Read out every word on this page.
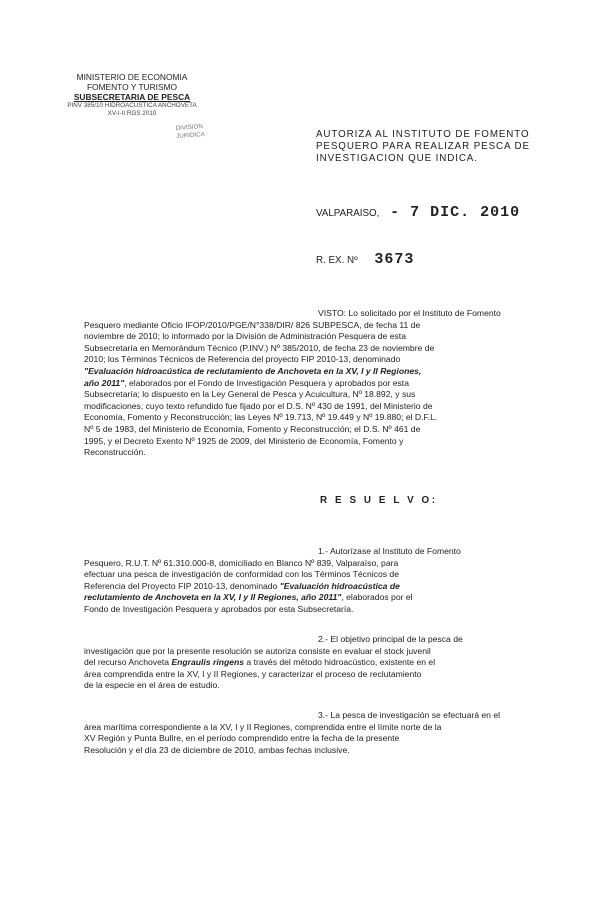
MINISTERIO DE ECONOMIA
FOMENTO Y TURISMO
SUBSECRETARIA DE PESCA
PINV 385/10 HIDROACUSTICA ANCHOVETA
XV-I-II RGS 2010
DIVISION
JURIDICA	AUTORIZA AL INSTITUTO DE FOMENTO
PESQUERO PARA REALIZAR PESCA DE
INVESTIGACION QUE INDICA.
VALPARAISO, - 7 DIC. 2010
R. EX. Nº 3673
VISTO: Lo solicitado por el Instituto de Fomento
Pesquero mediante Oficio IFOP/2010/PGE/N°338/DIR/ 826 SUBPESCA, de fecha 11 de
noviembre de 2010; lo informado por la División de Administración Pesquera de esta
Subsecretaría en Memorándum Técnico (P.INV.) Nº 385/2010, de fecha 23 de noviembre de
2010; los Términos Técnicos de Referencia del proyecto FIP 2010-13, denominado
"Evaluación hidroacústica de reclutamiento de Anchoveta en la XV, I y II Regiones,
año 2011", elaborados por el Fondo de Investigación Pesquera y aprobados por esta
Subsecretaría; lo dispuesto en la Ley General de Pesca y Acuicultura, Nº 18.892, y sus
modificaciones, cuyo texto refundido fue fijado por el D.S. Nº 430 de 1991, del Ministerio de
Economía, Fomento y Reconstrucción; las Leyes Nº 19.713, Nº 19.449 y Nº 19.880; el D.F.L.
Nº 5 de 1983, del Ministerio de Economía, Fomento y Reconstrucción; el D.S. Nº 461 de
1995, y el Decreto Exento Nº 1925 de 2009, del Ministerio de Economía, Fomento y
Reconstrucción.
R E S U E L V O:
1.- Autorízase al Instituto de Fomento
Pesquero, R.U.T. Nº 61.310.000-8, domiciliado en Blanco Nº 839, Valparaíso, para
efectuar una pesca de investigación de conformidad con los Términos Técnicos de
Referencia del Proyecto FIP 2010-13, denominado "Evaluación hidroacústica de
reclutamiento de Anchoveta en la XV, I y II Regiones, año 2011", elaborados por el
Fondo de Investigación Pesquera y aprobados por esta Subsecretaría.
2.- El objetivo principal de la pesca de
investigación que por la presente resolución se autoriza consiste en evaluar el stock juvenil
del recurso Anchoveta Engraulis ringens a través del método hidroacústico, existente en el
área comprendida entre la XV, I y II Regiones, y caracterizar el proceso de reclutamiento
de la especie en el área de estudio.
3.- La pesca de investigación se efectuará en el
área marítima correspondiente a la XV, I y II Regiones, comprendida entre el límite norte de la
XV Región y Punta Bullre, en el período comprendido entre la fecha de la presente
Resolución y el día 23 de diciembre de 2010, ambas fechas inclusive.
